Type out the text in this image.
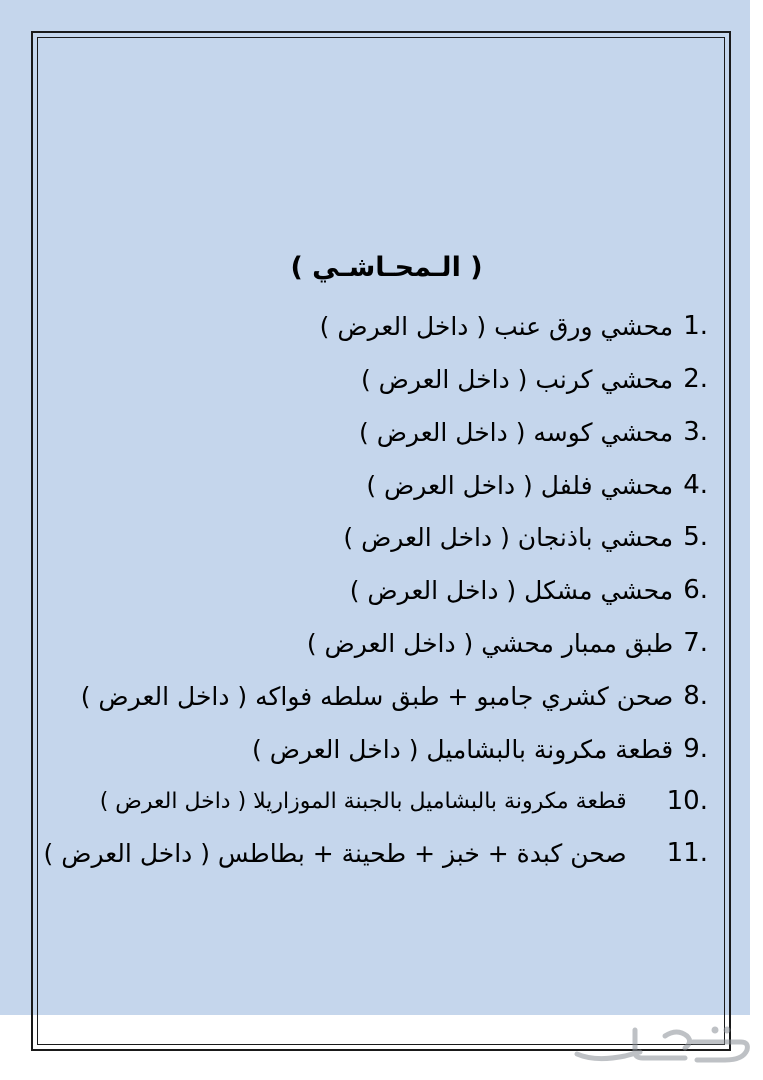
( الـمحـاشـي )
1.
محشي ورق عنب ( داخل العرض )
2.
محشي كرنب ( داخل العرض )
3.
محشي كوسه ( داخل العرض )
4.
محشي فلفل ( داخل العرض )
5.
محشي باذنجان ( داخل العرض )
6.
محشي مشكل ( داخل العرض )
7.
طبق ممبار محشي ( داخل العرض )
8.
صحن كشري جامبو + طبق سلطه فواكه ( داخل العرض )
9.
قطعة مكرونة بالبشاميل ( داخل العرض )
10.
قطعة مكرونة بالبشاميل بالجبنة الموزاريلا ( داخل العرض )
11.
صحن كبدة + خبز + طحينة + بطاطس ( داخل العرض )
